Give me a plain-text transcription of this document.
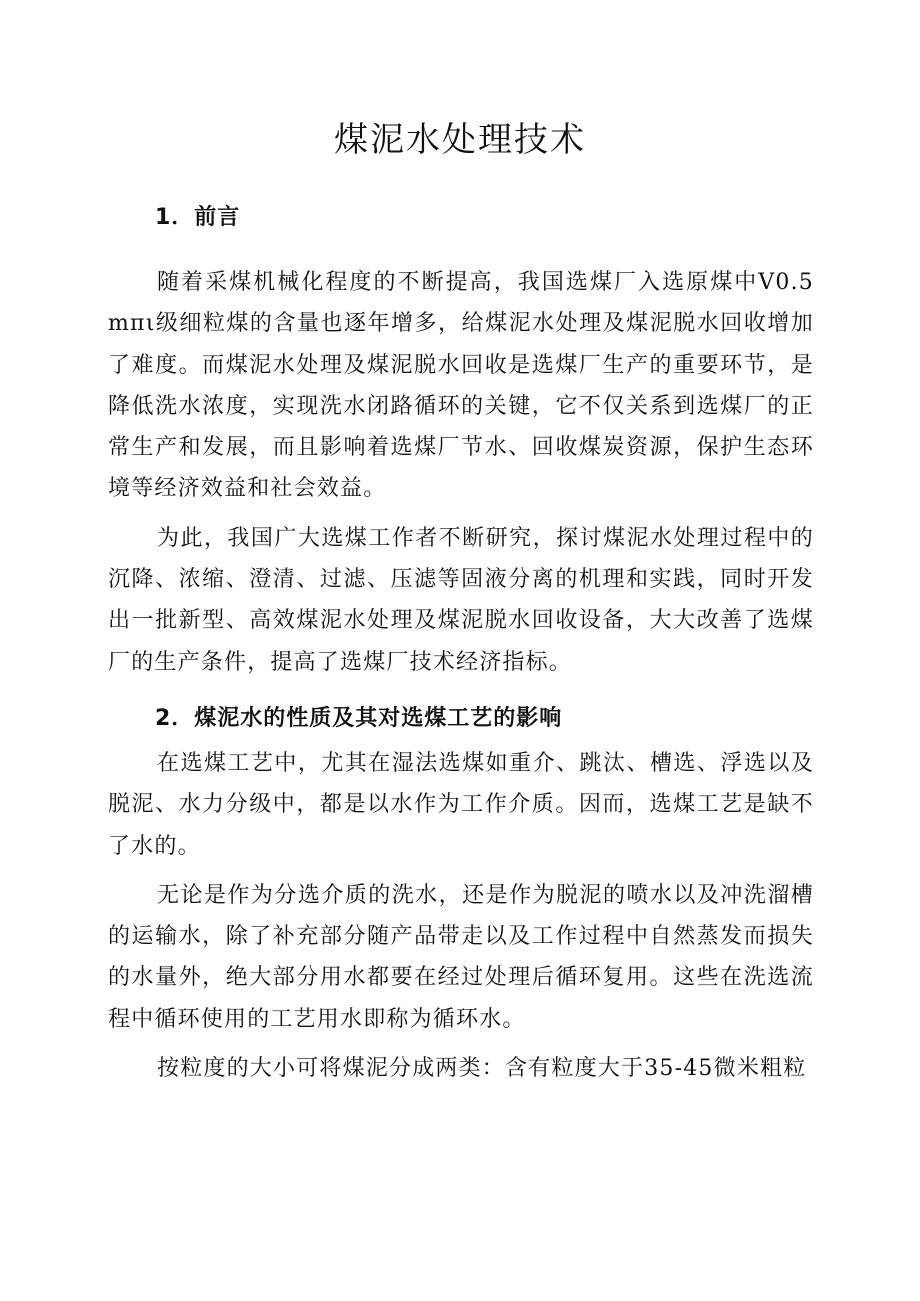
煤泥水处理技术
1．前言

随着采煤机械化程度的不断提高，我国选煤厂入选原煤中V0.5mπι级细粒煤的含量也逐年增多，给煤泥水处理及煤泥脱水回收增加了难度。而煤泥水处理及煤泥脱水回收是选煤厂生产的重要环节，是降低洗水浓度，实现洗水闭路循环的关键，它不仅关系到选煤厂的正常生产和发展，而且影响着选煤厂节水、回收煤炭资源，保护生态环境等经济效益和社会效益。

为此，我国广大选煤工作者不断研究，探讨煤泥水处理过程中的沉降、浓缩、澄清、过滤、压滤等固液分离的机理和实践，同时开发出一批新型、高效煤泥水处理及煤泥脱水回收设备，大大改善了选煤厂的生产条件，提高了选煤厂技术经济指标。

2．煤泥水的性质及其对选煤工艺的影响

在选煤工艺中，尤其在湿法选煤如重介、跳汰、槽选、浮选以及脱泥、水力分级中，都是以水作为工作介质。因而，选煤工艺是缺不了水的。

无论是作为分选介质的洗水，还是作为脱泥的喷水以及冲洗溜槽的运输水，除了补充部分随产品带走以及工作过程中自然蒸发而损失的水量外，绝大部分用水都要在经过处理后循环复用。这些在洗选流程中循环使用的工艺用水即称为循环水。

按粒度的大小可将煤泥分成两类：含有粒度大于35-45微米粗粒
